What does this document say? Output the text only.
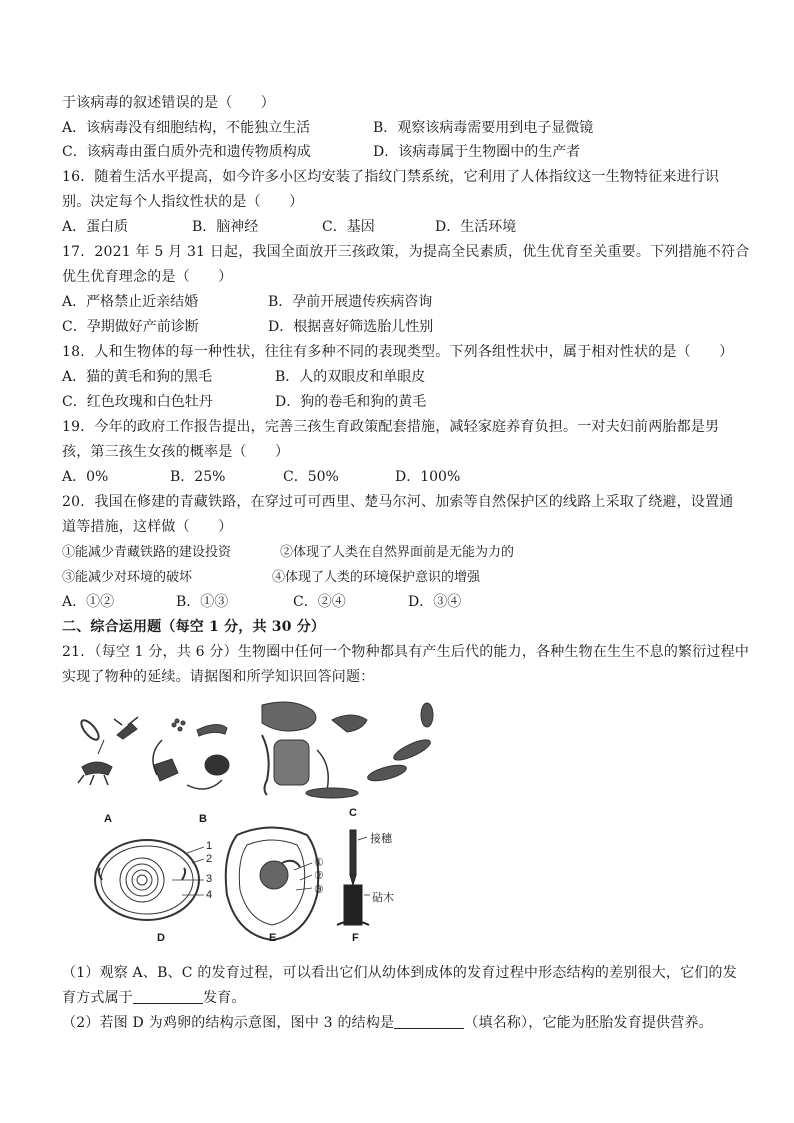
于该病毒的叙述错误的是（　　）
A．该病毒没有细胞结构，不能独立生活	B．观察该病毒需要用到电子显微镜
C．该病毒由蛋白质外壳和遗传物质构成	D．该病毒属于生物圈中的生产者
16．随着生活水平提高，如今许多小区均安装了指纹门禁系统，它利用了人体指纹这一生物特征来进行识
别。决定每个人指纹性状的是（　　）
A．蛋白质	B．脑神经	C．基因	D．生活环境
17．2021 年 5 月 31 日起，我国全面放开三孩政策，为提高全民素质，优生优育至关重要。下列措施不符合
优生优育理念的是（　　）
A．严格禁止近亲结婚	B．孕前开展遗传疾病咨询
C．孕期做好产前诊断	D．根据喜好筛选胎儿性别
18．人和生物体的每一种性状，往往有多种不同的表现类型。下列各组性状中，属于相对性状的是（　　）
A．猫的黄毛和狗的黑毛	B．人的双眼皮和单眼皮
C．红色玫瑰和白色牡丹	D．狗的卷毛和狗的黄毛
19．今年的政府工作报告提出，完善三孩生育政策配套措施，减轻家庭养育负担。一对夫妇前两胎都是男
孩，第三孩生女孩的概率是（　　）
A．0%	B．25%	C．50%	D．100%
20．我国在修建的青藏铁路，在穿过可可西里、楚马尔河、加索等自然保护区的线路上采取了绕避，设置通
道等措施，这样做（　　）
①能减少青藏铁路的建设投资	②体现了人类在自然界面前是无能为力的
③能减少对环境的破坏	④体现了人类的环境保护意识的增强
A．①②	B．①③	C．②④	D．③④
二、综合运用题（每空 1 分，共 30 分）
21．（每空 1 分，共 6 分）生物圈中任何一个物种都具有产生后代的能力，各种生物在生生不息的繁衍过程中
实现了物种的延续。请据图和所学知识回答问题：
A	B	C
D	E	F
1
2
3
4
①
②
③
接穗
砧木
（1）观察 A、B、C 的发育过程，可以看出它们从幼体到成体的发育过程中形态结构的差别很大，它们的发
育方式属于	发育。
（2）若图 D 为鸡卵的结构示意图，图中 3 的结构是	（填名称），它能为胚胎发育提供营养。
